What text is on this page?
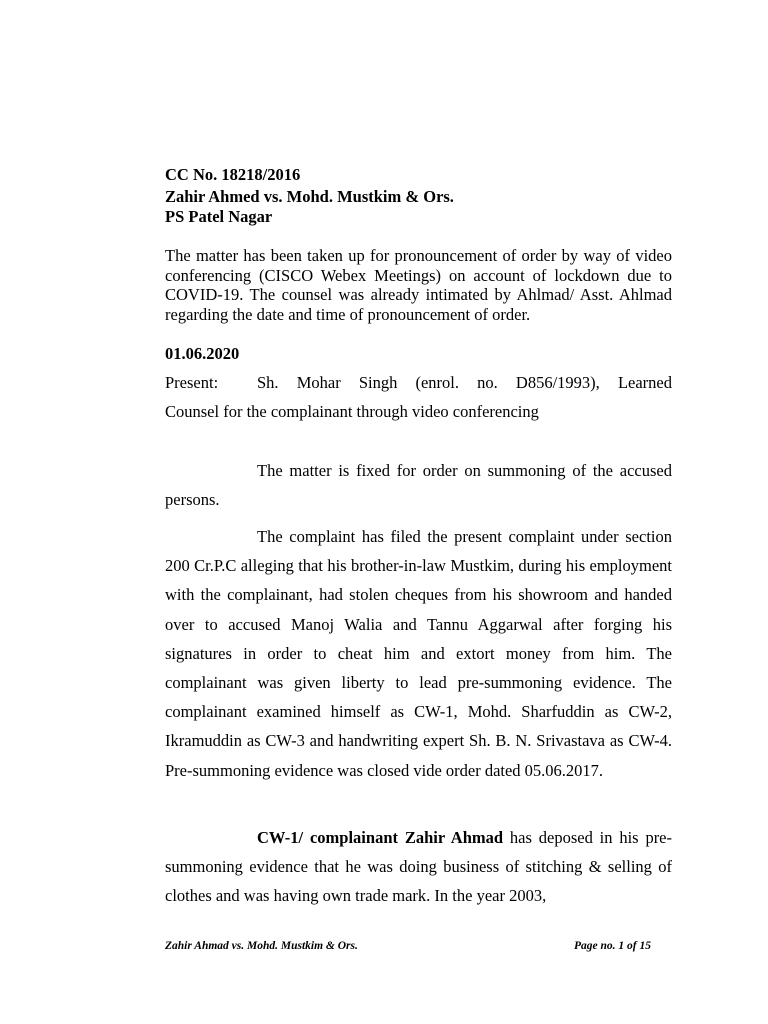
CC No. 18218/2016
Zahir Ahmed vs. Mohd. Mustkim & Ors.
PS Patel Nagar
The matter has been taken up for pronouncement of order by way of video conferencing (CISCO Webex Meetings) on account of lockdown due to COVID-19. The counsel was already intimated by Ahlmad/ Asst. Ahlmad regarding the date and time of pronouncement of order.
01.06.2020
Present:	Sh. Mohar Singh (enrol. no. D856/1993), Learned
Counsel for the complainant through video conferencing
The matter is fixed for order on summoning of the accused persons.
The complaint has filed the present complaint under section 200 Cr.P.C alleging that his brother-in-law Mustkim, during his employment with the complainant, had stolen cheques from his showroom and handed over to accused Manoj Walia and Tannu Aggarwal after forging his signatures in order to cheat him and extort money from him. The complainant was given liberty to lead pre-summoning evidence. The complainant examined himself as CW-1, Mohd. Sharfuddin as CW-2, Ikramuddin as CW-3 and handwriting expert Sh. B. N. Srivastava as CW-4. Pre-summoning evidence was closed vide order dated 05.06.2017.
CW-1/ complainant Zahir Ahmad has deposed in his pre-summoning evidence that he was doing business of stitching & selling of clothes and was having own trade mark. In the year 2003,
Zahir Ahmad vs. Mohd. Mustkim & Ors.	Page no. 1 of 15
